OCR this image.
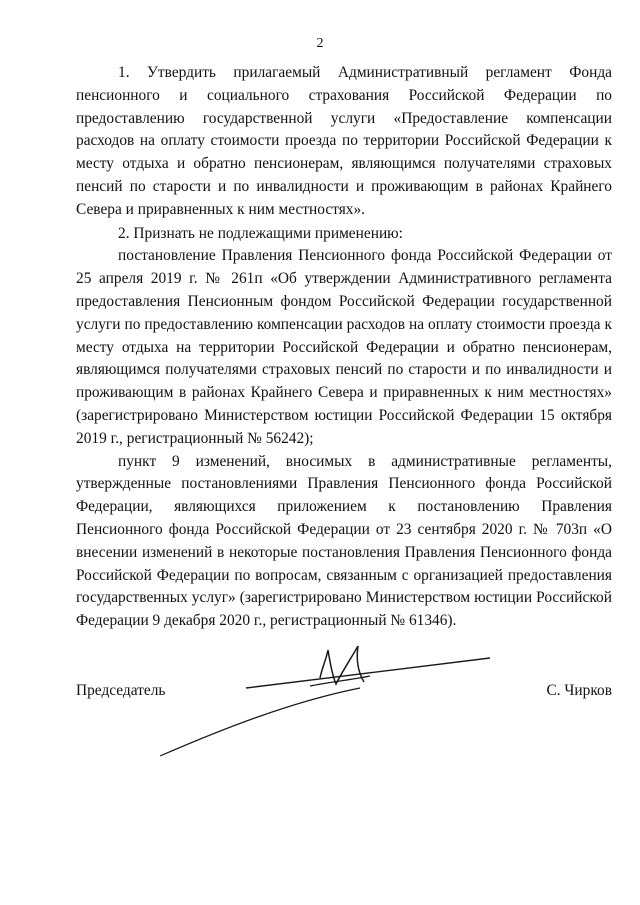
2

1. Утвердить прилагаемый Административный регламент Фонда пенсионного и социального страхования Российской Федерации по предоставлению государственной услуги «Предоставление компенсации расходов на оплату стоимости проезда по территории Российской Федерации к месту отдыха и обратно пенсионерам, являющимся получателями страховых пенсий по старости и по инвалидности и проживающим в районах Крайнего Севера и приравненных к ним местностях».

2. Признать не подлежащими применению:

постановление Правления Пенсионного фонда Российской Федерации от 25 апреля 2019 г. № 261п «Об утверждении Административного регламента предоставления Пенсионным фондом Российской Федерации государственной услуги по предоставлению компенсации расходов на оплату стоимости проезда к месту отдыха на территории Российской Федерации и обратно пенсионерам, являющимся получателями страховых пенсий по старости и по инвалидности и проживающим в районах Крайнего Севера и приравненных к ним местностях» (зарегистрировано Министерством юстиции Российской Федерации 15 октября 2019 г., регистрационный № 56242);

пункт 9 изменений, вносимых в административные регламенты, утвержденные постановлениями Правления Пенсионного фонда Российской Федерации, являющихся приложением к постановлению Правления Пенсионного фонда Российской Федерации от 23 сентября 2020 г. № 703п «О внесении изменений в некоторые постановления Правления Пенсионного фонда Российской Федерации по вопросам, связанным с организацией предоставления государственных услуг» (зарегистрировано Министерством юстиции Российской Федерации 9 декабря 2020 г., регистрационный № 61346).

Председатель	С. Чирков
